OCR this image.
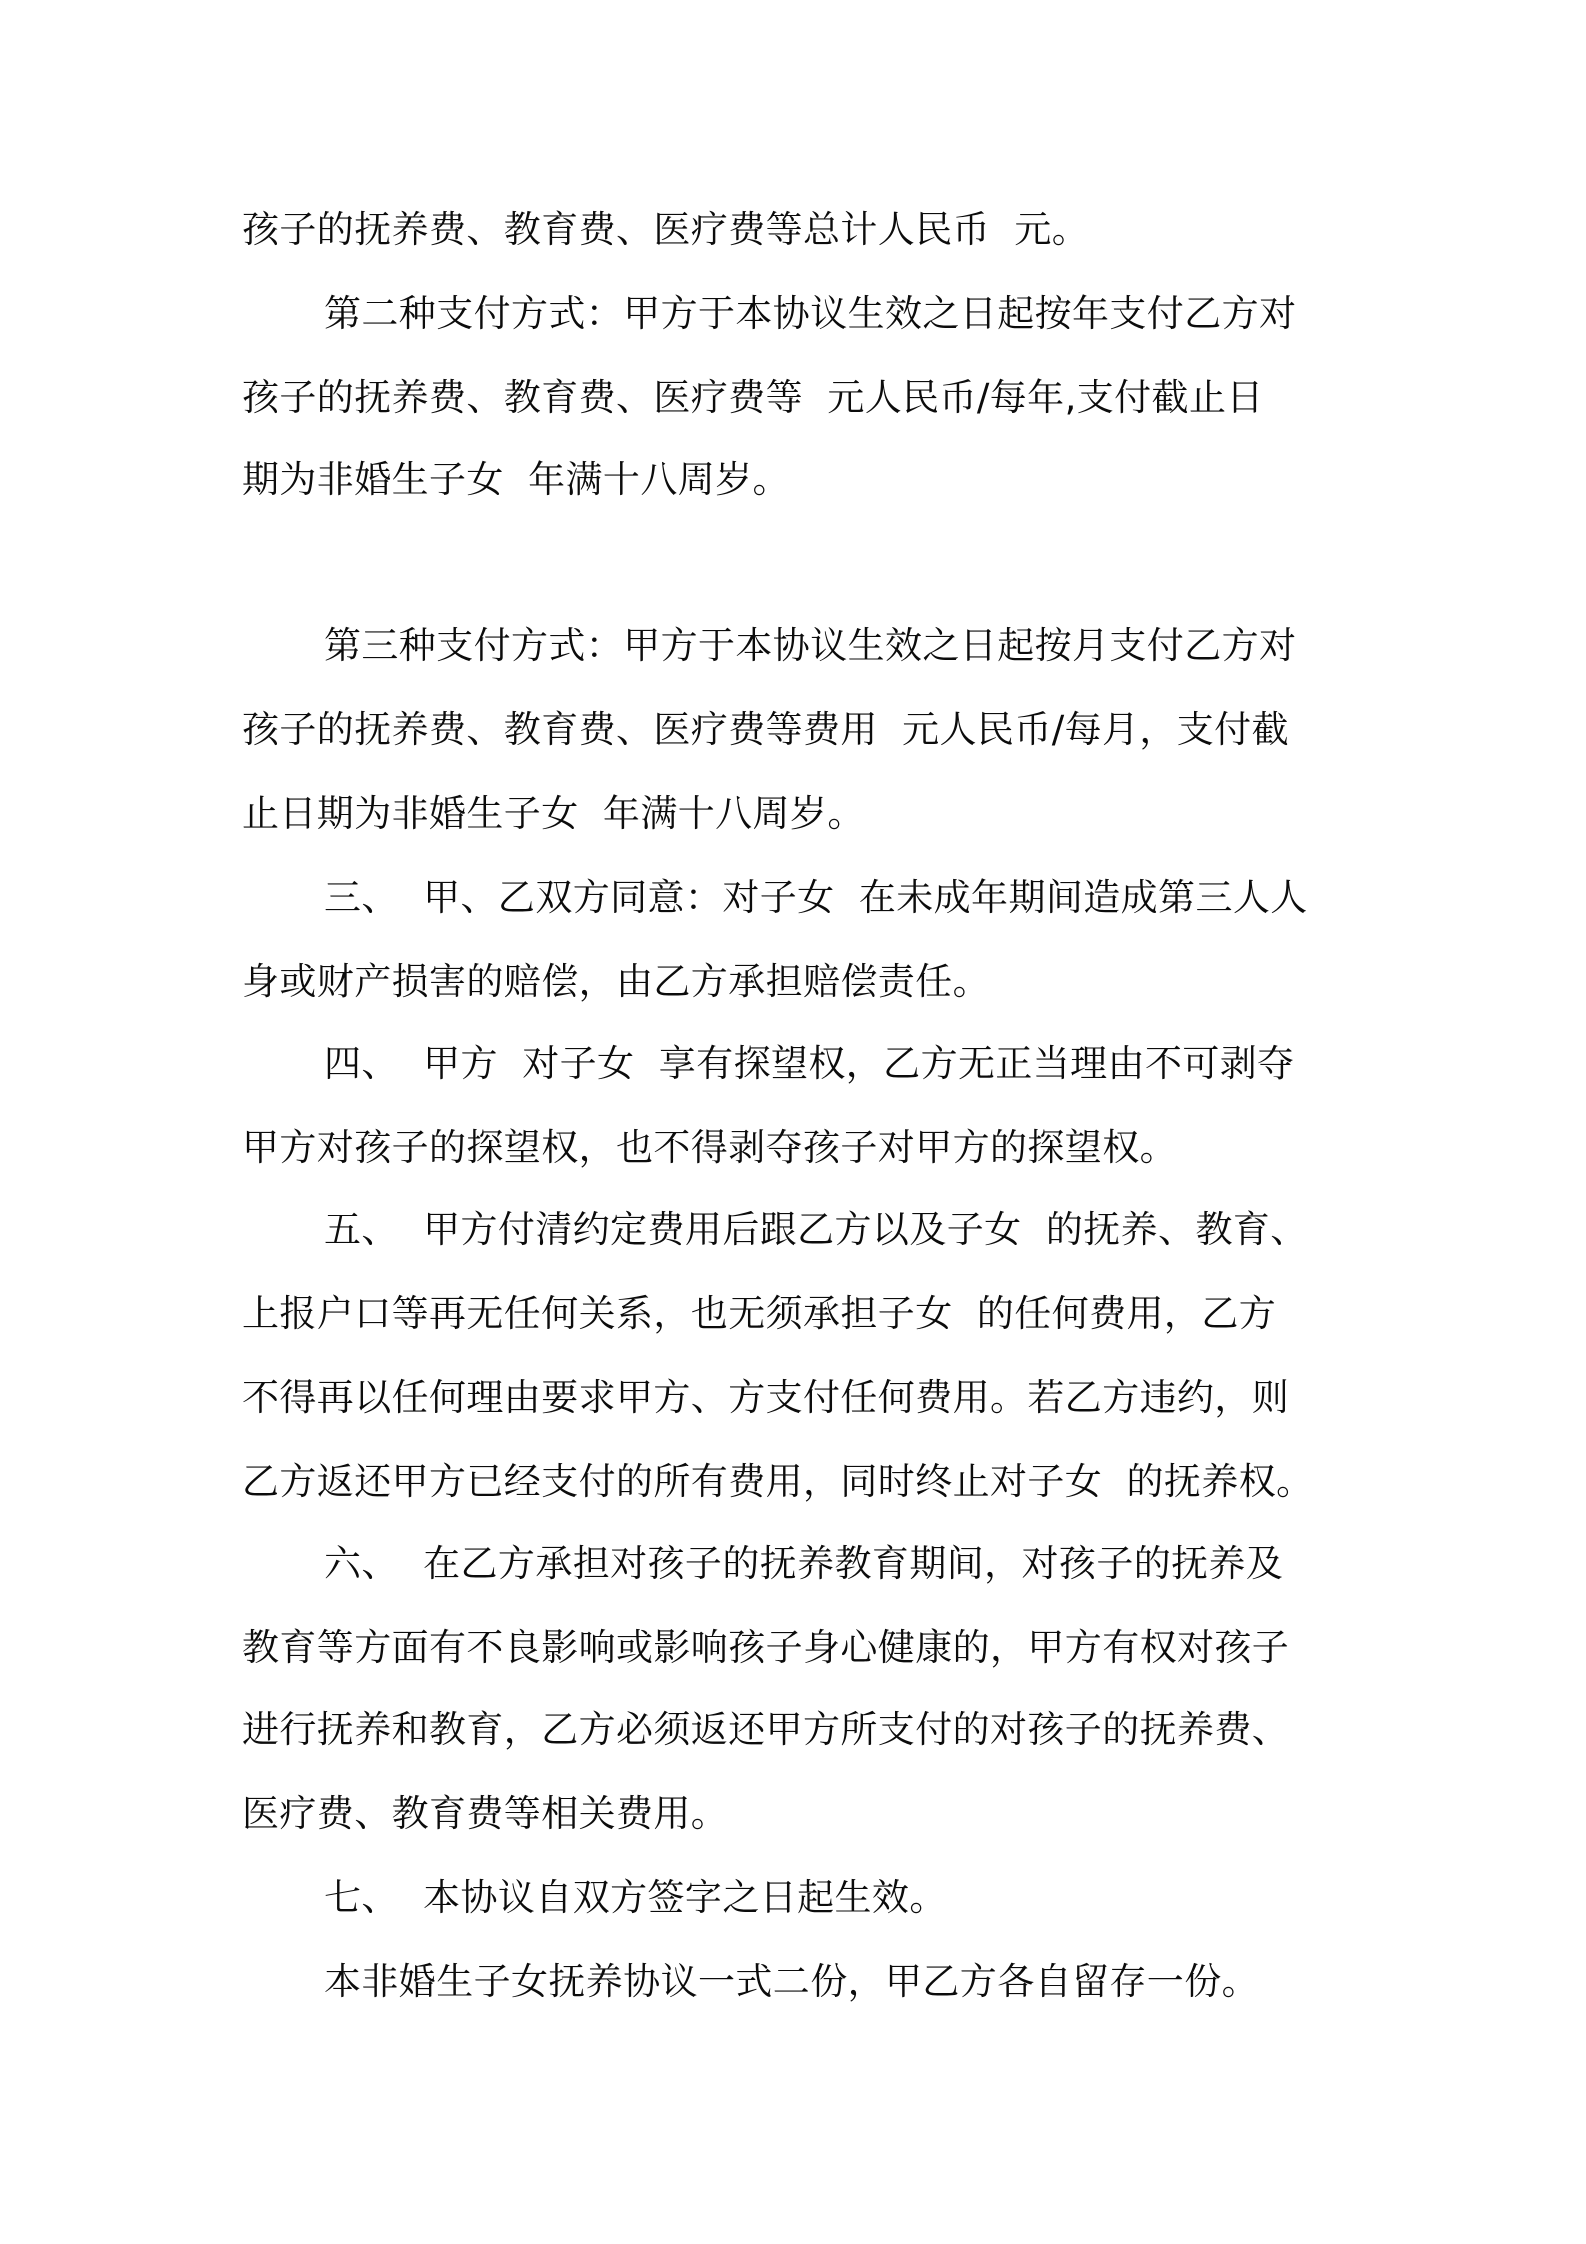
孩子的抚养费、教育费、医疗费等总计人民币  元。
第二种支付方式：甲方于本协议生效之日起按年支付乙方对
孩子的抚养费、教育费、医疗费等  元人民币/每年,支付截止日
期为非婚生子女  年满十八周岁。
第三种支付方式：甲方于本协议生效之日起按月支付乙方对
孩子的抚养费、教育费、医疗费等费用  元人民币/每月，支付截
止日期为非婚生子女  年满十八周岁。
三、  甲、乙双方同意：对子女  在未成年期间造成第三人人
身或财产损害的赔偿，由乙方承担赔偿责任。
四、  甲方  对子女  享有探望权，乙方无正当理由不可剥夺
甲方对孩子的探望权，也不得剥夺孩子对甲方的探望权。
五、  甲方付清约定费用后跟乙方以及子女  的抚养、教育、
上报户口等再无任何关系，也无须承担子女  的任何费用，乙方
不得再以任何理由要求甲方、方支付任何费用。若乙方违约，则
乙方返还甲方已经支付的所有费用，同时终止对子女  的抚养权。
六、  在乙方承担对孩子的抚养教育期间，对孩子的抚养及
教育等方面有不良影响或影响孩子身心健康的，甲方有权对孩子
进行抚养和教育，乙方必须返还甲方所支付的对孩子的抚养费、
医疗费、教育费等相关费用。
七、  本协议自双方签字之日起生效。
本非婚生子女抚养协议一式二份，甲乙方各自留存一份。
